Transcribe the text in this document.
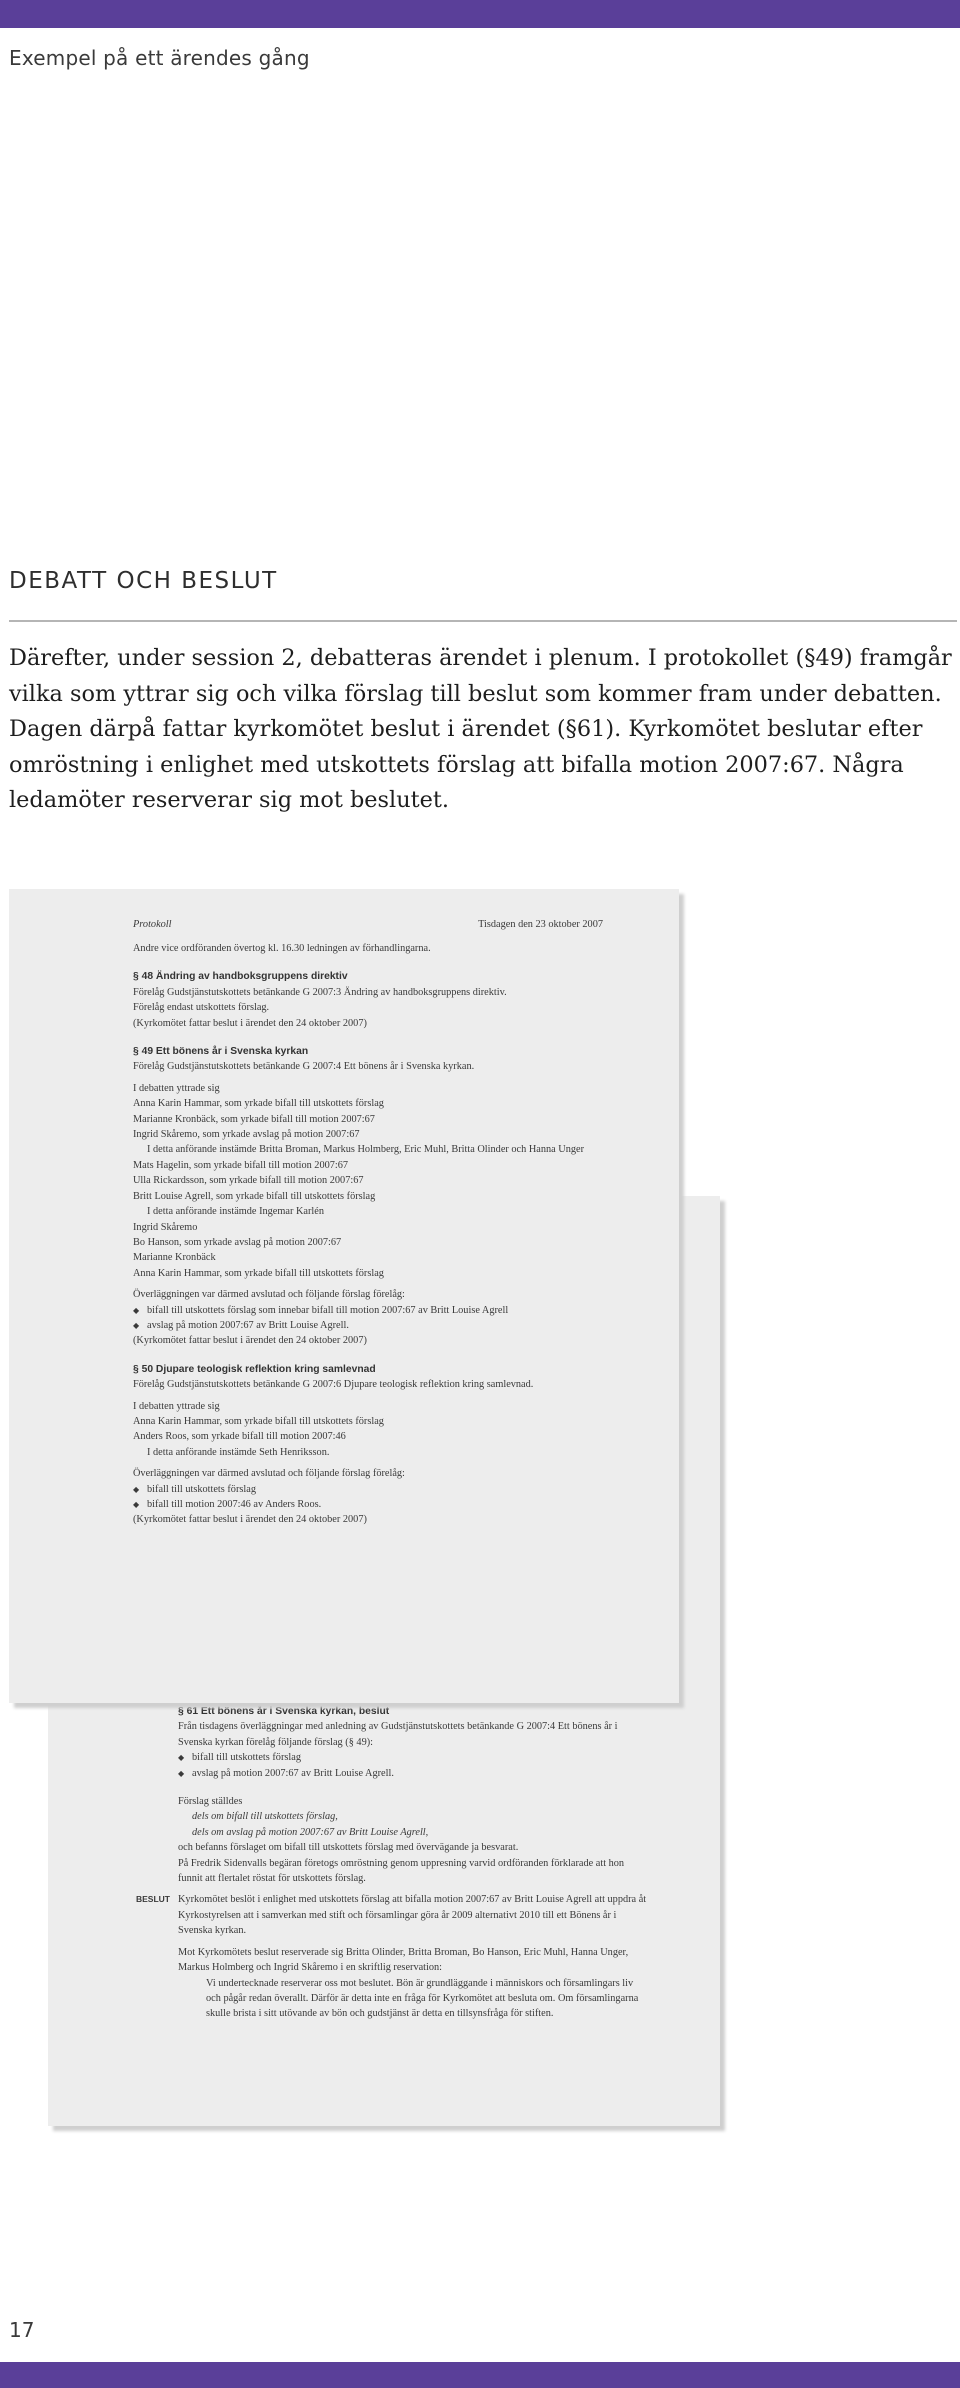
Exempel på ett ärendes gång
DEBATT OCH BESLUT

Därefter, under session 2, debatteras ärendet i plenum. I protokollet (§49) framgår vilka som yttrar sig och vilka förslag till beslut som kommer fram under debatten. Dagen därpå fattar kyrkomötet beslut i ärendet (§61). Kyrkomötet beslutar efter omröstning i enlighet med utskottets förslag att bifalla motion 2007:67. Några ledamöter reserverar sig mot beslutet.

§ 61 Ett bönens år i Svenska kyrkan, beslut

Från tisdagens överläggningar med anledning av Gudstjänstutskottets betänkande G 2007:4 Ett bönens år i Svenska kyrkan förelåg följande förslag (§ 49):

◆ bifall till utskottets förslag

◆ avslag på motion 2007:67 av Britt Louise Agrell.

Förslag ställdes

dels om bifall till utskottets förslag,

dels om avslag på motion 2007:67 av Britt Louise Agrell,

och befanns förslaget om bifall till utskottets förslag med övervägande ja besvarat.

På Fredrik Sidenvalls begäran företogs omröstning genom uppresning varvid ordföranden förklarade att hon funnit att flertalet röstat för utskottets förslag.

BESLUT Kyrkomötet beslöt i enlighet med utskottets förslag att bifalla motion 2007:67 av Britt Louise Agrell att uppdra åt Kyrkostyrelsen att i samverkan med stift och församlingar göra år 2009 alternativt 2010 till ett Bönens år i Svenska kyrkan.

Mot Kyrkomötets beslut reserverade sig Britta Olinder, Britta Broman, Bo Hanson, Eric Muhl, Hanna Unger, Markus Holmberg och Ingrid Skåremo i en skriftlig reservation:

Vi undertecknade reserverar oss mot beslutet. Bön är grundläggande i människors och församlingars liv och pågår redan överallt. Därför är detta inte en fråga för Kyrkomötet att besluta om. Om församlingarna skulle brista i sitt utövande av bön och gudstjänst är detta en tillsynsfråga för stiften.

Protokoll	Tisdagen den 23 oktober 2007

Andre vice ordföranden övertog kl. 16.30 ledningen av förhandlingarna.

§ 48 Ändring av handboksgruppens direktiv

Förelåg Gudstjänstutskottets betänkande G 2007:3 Ändring av handboksgruppens direktiv.

Förelåg endast utskottets förslag.

(Kyrkomötet fattar beslut i ärendet den 24 oktober 2007)

§ 49 Ett bönens år i Svenska kyrkan

Förelåg Gudstjänstutskottets betänkande G 2007:4 Ett bönens år i Svenska kyrkan.

I debatten yttrade sig

Anna Karin Hammar, som yrkade bifall till utskottets förslag

Marianne Kronbäck, som yrkade bifall till motion 2007:67

Ingrid Skåremo, som yrkade avslag på motion 2007:67

I detta anförande instämde Britta Broman, Markus Holmberg, Eric Muhl, Britta Olinder och Hanna Unger

Mats Hagelin, som yrkade bifall till motion 2007:67

Ulla Rickardsson, som yrkade bifall till motion 2007:67

Britt Louise Agrell, som yrkade bifall till utskottets förslag

I detta anförande instämde Ingemar Karlén

Ingrid Skåremo

Bo Hanson, som yrkade avslag på motion 2007:67

Marianne Kronbäck

Anna Karin Hammar, som yrkade bifall till utskottets förslag

Överläggningen var därmed avslutad och följande förslag förelåg:

◆ bifall till utskottets förslag som innebar bifall till motion 2007:67 av Britt Louise Agrell

◆ avslag på motion 2007:67 av Britt Louise Agrell.

(Kyrkomötet fattar beslut i ärendet den 24 oktober 2007)

§ 50 Djupare teologisk reflektion kring samlevnad

Förelåg Gudstjänstutskottets betänkande G 2007:6 Djupare teologisk reflektion kring samlevnad.

I debatten yttrade sig

Anna Karin Hammar, som yrkade bifall till utskottets förslag

Anders Roos, som yrkade bifall till motion 2007:46

I detta anförande instämde Seth Henriksson.

Överläggningen var därmed avslutad och följande förslag förelåg:

◆ bifall till utskottets förslag

◆ bifall till motion 2007:46 av Anders Roos.

(Kyrkomötet fattar beslut i ärendet den 24 oktober 2007)

17
